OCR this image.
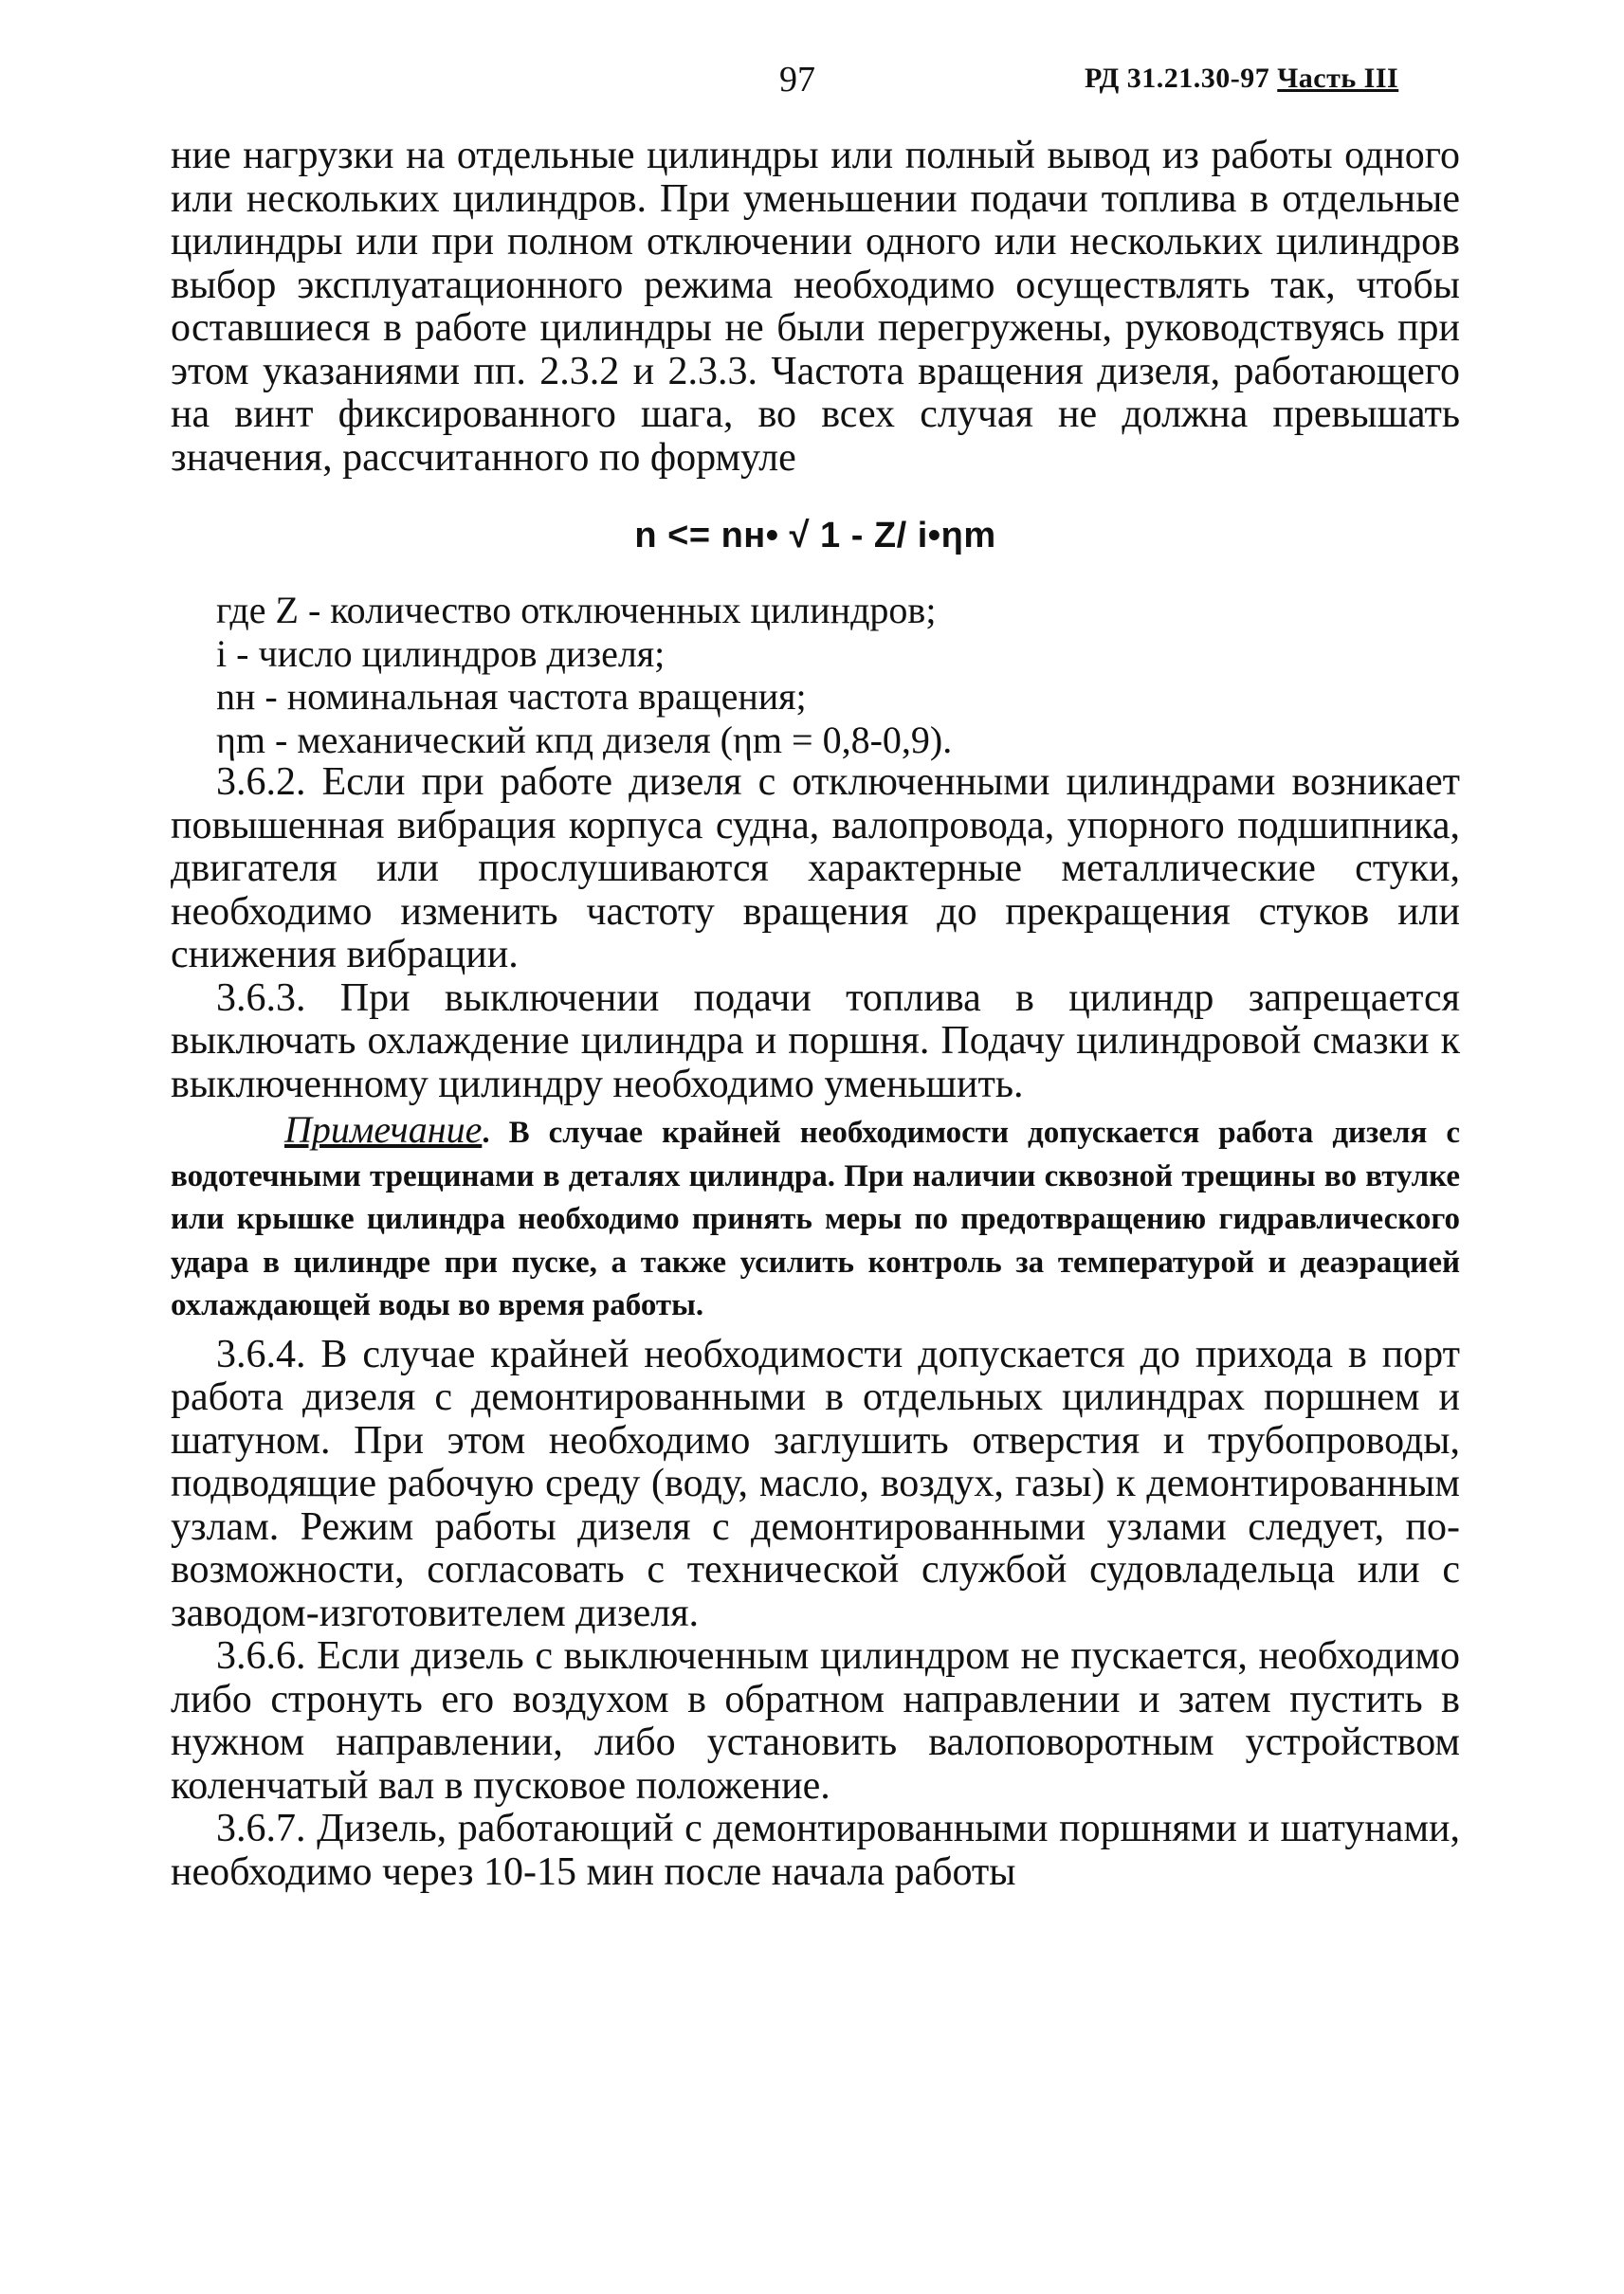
97	РД 31.21.30-97 Часть III

ние нагрузки на отдельные цилиндры или полный вывод из работы одного или нескольких цилиндров. При уменьшении подачи топлива в отдельные цилиндры или при полном отключении одного или нескольких цилиндров выбор эксплуатационного режима необходимо осуществлять так, чтобы оставшиеся в работе цилиндры не были перегружены, руководствуясь при этом указаниями пп. 2.3.2 и 2.3.3. Частота вращения дизеля, работающего на винт фиксированного шага, во всех случая не должна превышать значения, рассчитанного по формуле

n <= nн• √ 1 - Z/ i•ηm
где Z - количество отключенных цилиндров;
i - число цилиндров дизеля;
nн - номинальная частота вращения;
ηm - механический кпд дизеля (ηm = 0,8-0,9).

3.6.2. Если при работе дизеля с отключенными цилиндрами возникает повышенная вибрация корпуса судна, валопровода, упорного подшипника, двигателя или прослушиваются характерные металлические стуки, необходимо изменить частоту вращения до прекращения стуков или снижения вибрации.

3.6.3. При выключении подачи топлива в цилиндр запрещается выключать охлаждение цилиндра и поршня. Подачу цилиндровой смазки к выключенному цилиндру необходимо уменьшить.

Примечание. В случае крайней необходимости допускается работа дизеля с водотечными трещинами в деталях цилиндра. При наличии сквозной трещины во втулке или крышке цилиндра необходимо принять меры по предотвращению гидравлического удара в цилиндре при пуске, а также усилить контроль за температурой и деаэрацией охлаждающей воды во время работы.

3.6.4. В случае крайней необходимости допускается до прихода в порт работа дизеля с демонтированными в отдельных цилиндрах поршнем и шатуном. При этом необходимо заглушить отверстия и трубопроводы, подводящие рабочую среду (воду, масло, воздух, газы) к демонтированным узлам. Режим работы дизеля с демонтированными узлами следует, по-возможности, согласовать с технической службой судовладельца или с заводом-изготовителем дизеля.

3.6.6. Если дизель с выключенным цилиндром не пускается, необходимо либо стронуть его воздухом в обратном направлении и затем пустить в нужном направлении, либо установить валоповоротным устройством коленчатый вал в пусковое положение.

3.6.7. Дизель, работающий с демонтированными поршнями и шатунами, необходимо через 10-15 мин после начала работы
